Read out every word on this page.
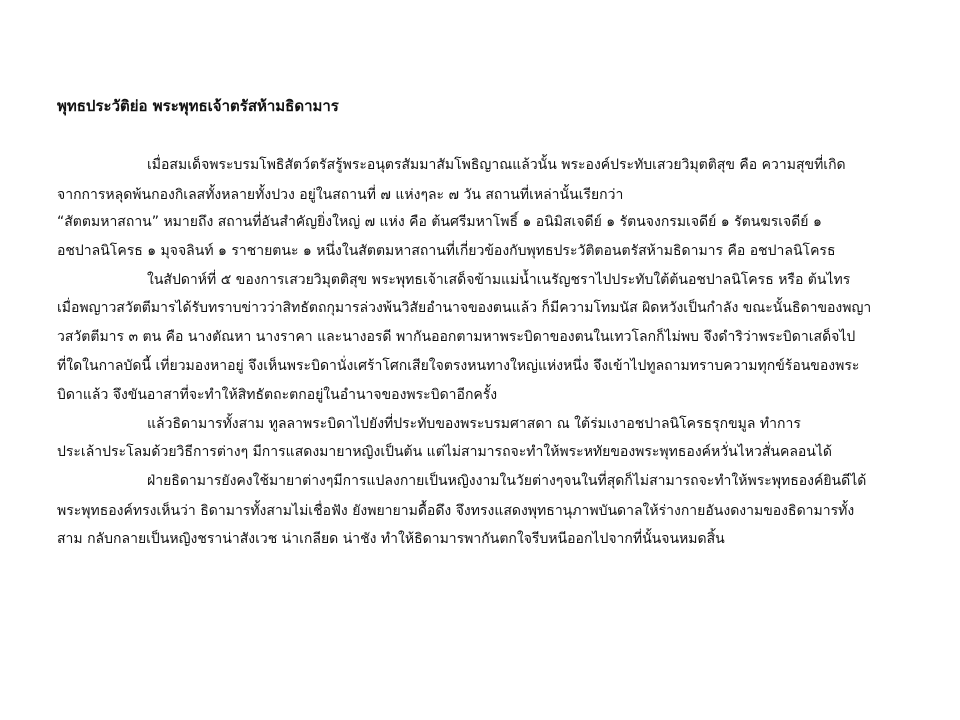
พุทธประวัติย่อ พระพุทธเจ้าตรัสห้ามธิดามาร
เมื่อสมเด็จพระบรมโพธิสัตว์ตรัสรู้พระอนุตรสัมมาสัมโพธิญาณแล้วนั้น พระองค์ประทับเสวยวิมุตติสุข คือ ความสุขที่เกิด
จากการหลุดพ้นกองกิเลสทั้งหลายทั้งปวง อยู่ในสถานที่ ๗ แห่งๆละ ๗ วัน สถานที่เหล่านั้นเรียกว่า
“สัตตมหาสถาน” หมายถึง สถานที่อันสำคัญยิ่งใหญ่ ๗ แห่ง คือ ต้นศรีมหาโพธิ์ ๑ อนิมิสเจดีย์ ๑ รัตนจงกรมเจดีย์ ๑ รัตนฆรเจดีย์ ๑
อชปาลนิโครธ ๑ มุจจลินท์ ๑ ราชายตนะ ๑ หนึ่งในสัตตมหาสถานที่เกี่ยวข้องกับพุทธประวัติตอนตรัสห้ามธิดามาร คือ อชปาลนิโครธ
ในสัปดาห์ที่ ๕ ของการเสวยวิมุตติสุข พระพุทธเจ้าเสด็จข้ามแม่น้ำเนรัญชราไปประทับใต้ต้นอชปาลนิโครธ หรือ ต้นไทร
เมื่อพญาวสวัตตีมารได้รับทราบข่าวว่าสิทธัตถกุมารล่วงพ้นวิสัยอำนาจของตนแล้ว ก็มีความโทมนัส ผิดหวังเป็นกำลัง ขณะนั้นธิดาของพญา
วสวัตตีมาร ๓ ตน คือ นางตัณหา นางราคา และนางอรดี พากันออกตามหาพระบิดาของตนในเทวโลกก็ไม่พบ จึงดำริว่าพระบิดาเสด็จไป
ที่ใดในกาลบัดนี้ เที่ยวมองหาอยู่ จึงเห็นพระบิดานั่งเศร้าโศกเสียใจตรงหนทางใหญ่แห่งหนึ่ง จึงเข้าไปทูลถามทราบความทุกข์ร้อนของพระ
บิดาแล้ว จึงขันอาสาที่จะทำให้สิทธัตถะตกอยู่ในอำนาจของพระบิดาอีกครั้ง
แล้วธิดามารทั้งสาม ทูลลาพระบิดาไปยังที่ประทับของพระบรมศาสดา ณ ใต้ร่มเงาอชปาลนิโครธรุกขมูล ทำการ
ประเล้าประโลมด้วยวิธีการต่างๆ มีการแสดงมายาหญิงเป็นต้น แต่ไม่สามารถจะทำให้พระหทัยของพระพุทธองค์หวั่นไหวสั่นคลอนได้
ฝ่ายธิดามารยังคงใช้มายาต่างๆมีการแปลงกายเป็นหญิงงามในวัยต่างๆจนในที่สุดก็ไม่สามารถจะทำให้พระพุทธองค์ยินดีได้
พระพุทธองค์ทรงเห็นว่า ธิดามารทั้งสามไม่เชื่อฟัง ยังพยายามดื้อดึง จึงทรงแสดงพุทธานุภาพบันดาลให้ร่างกายอันงดงามของธิดามารทั้ง
สาม กลับกลายเป็นหญิงชราน่าสังเวช น่าเกลียด น่าชัง ทำให้ธิดามารพากันตกใจรีบหนีออกไปจากที่นั้นจนหมดสิ้น
